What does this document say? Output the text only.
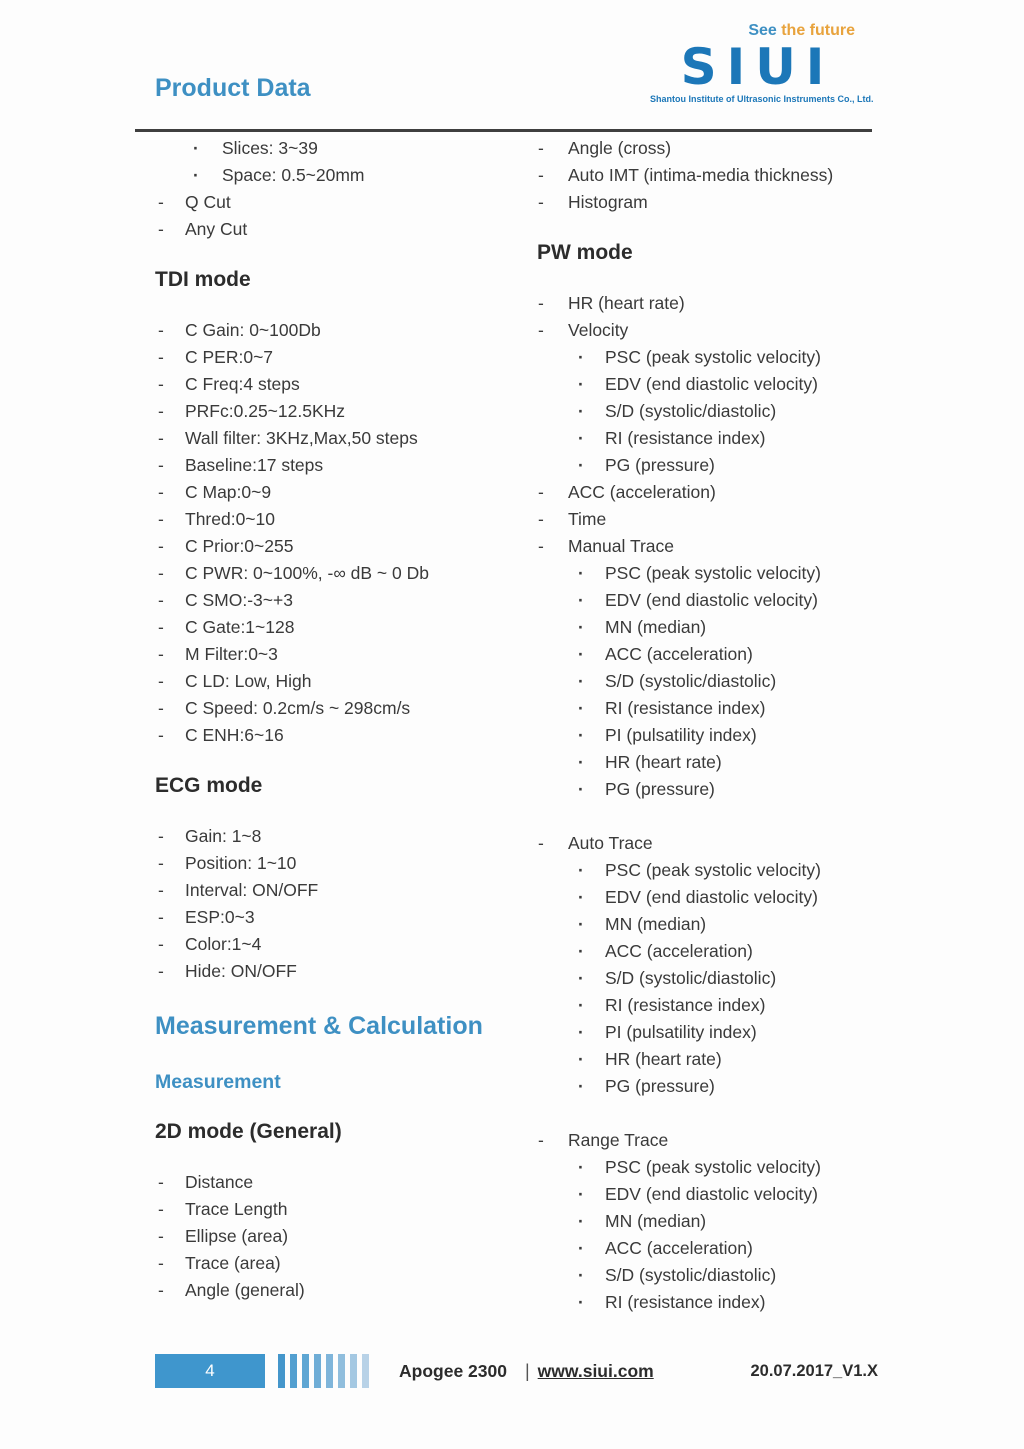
Product Data
See the future
SIUI
Shantou Institute of Ultrasonic Instruments Co., Ltd.
·	Slices: 3~39
·	Space: 0.5~20mm
-	Q Cut
-	Any Cut
TDI mode
-	C Gain: 0~100Db
-	C PER:0~7
-	C Freq:4 steps
-	PRFc:0.25~12.5KHz
-	Wall filter: 3KHz,Max,50 steps
-	Baseline:17 steps
-	C Map:0~9
-	Thred:0~10
-	C Prior:0~255
-	C PWR: 0~100%, -∞ dB ~ 0 Db
-	C SMO:-3~+3
-	C Gate:1~128
-	M Filter:0~3
-	C LD: Low, High
-	C Speed: 0.2cm/s ~ 298cm/s
-	C ENH:6~16
ECG mode
-	Gain: 1~8
-	Position: 1~10
-	Interval: ON/OFF
-	ESP:0~3
-	Color:1~4
-	Hide: ON/OFF
Measurement & Calculation
Measurement
2D mode (General)
-	Distance
-	Trace Length
-	Ellipse (area)
-	Trace (area)
-	Angle (general)
-	Angle (cross)
-	Auto IMT (intima-media thickness)
-	Histogram
PW mode
-	HR (heart rate)
-	Velocity
·	PSC (peak systolic velocity)
·	EDV (end diastolic velocity)
·	S/D (systolic/diastolic)
·	RI (resistance index)
·	PG (pressure)
-	ACC (acceleration)
-	Time
-	Manual Trace
·	PSC (peak systolic velocity)
·	EDV (end diastolic velocity)
·	MN (median)
·	ACC (acceleration)
·	S/D (systolic/diastolic)
·	RI (resistance index)
·	PI (pulsatility index)
·	HR (heart rate)
·	PG (pressure)
-	Auto Trace
·	PSC (peak systolic velocity)
·	EDV (end diastolic velocity)
·	MN (median)
·	ACC (acceleration)
·	S/D (systolic/diastolic)
·	RI (resistance index)
·	PI (pulsatility index)
·	HR (heart rate)
·	PG (pressure)
-	Range Trace
·	PSC (peak systolic velocity)
·	EDV (end diastolic velocity)
·	MN (median)
·	ACC (acceleration)
·	S/D (systolic/diastolic)
·	RI (resistance index)
4	Apogee 2300 | www.siui.com	20.07.2017_V1.X
